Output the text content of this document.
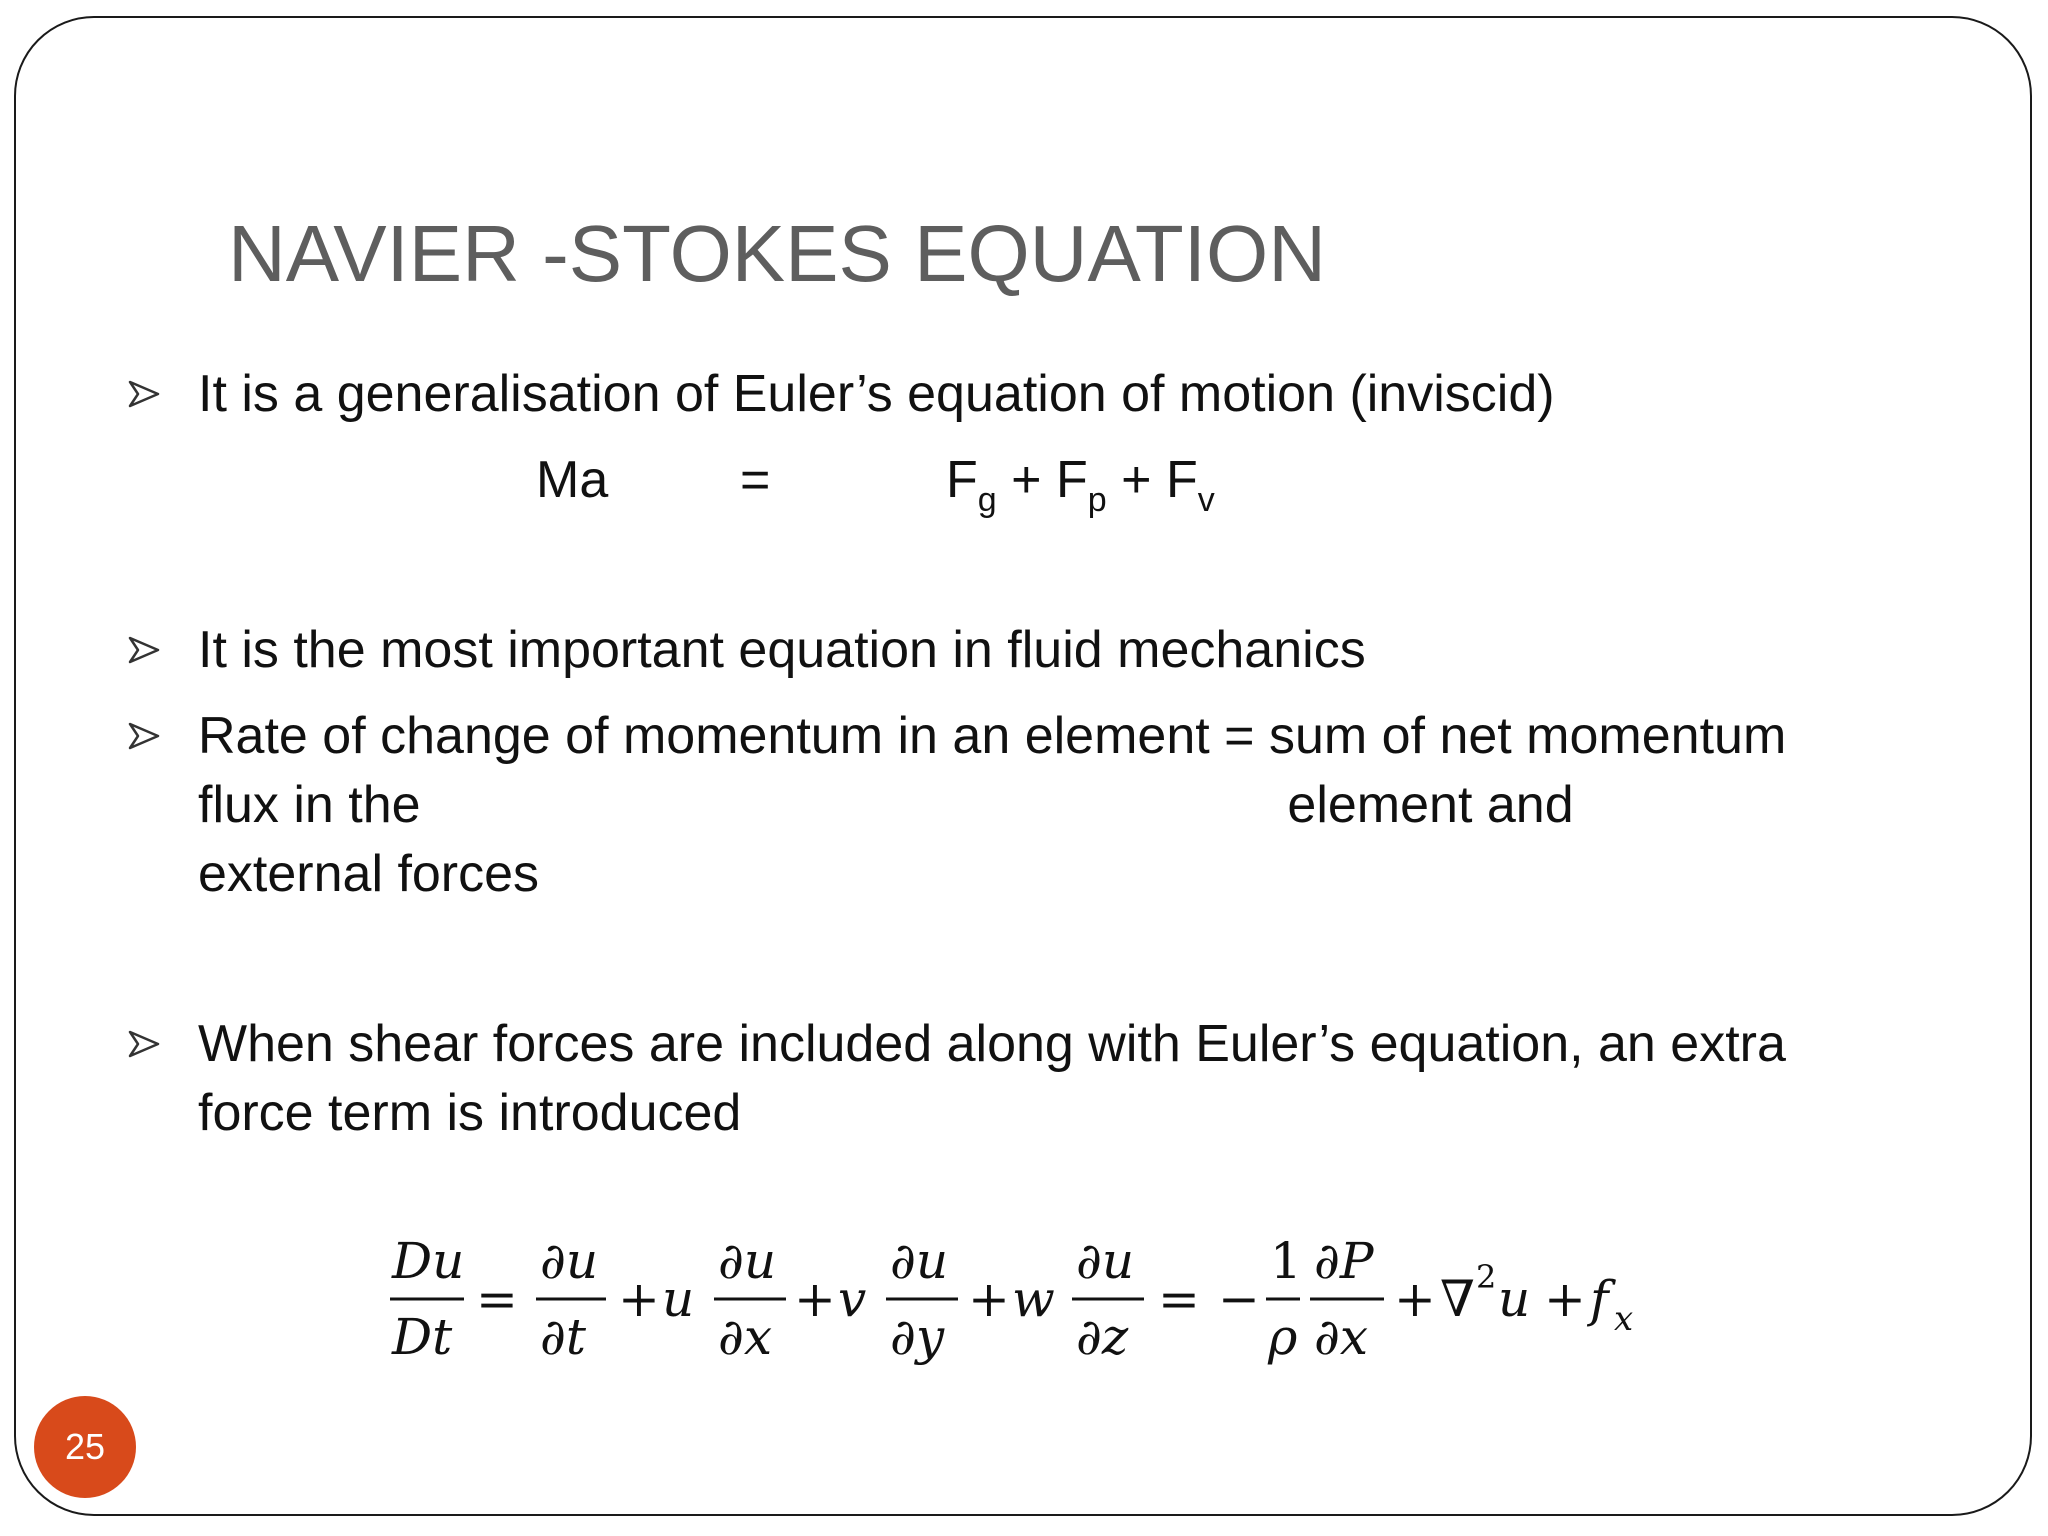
NAVIER -STOKES EQUATION
It is a generalisation of Euler’s equation of motion (inviscid)
Ma	=	$F_g + F_p + F_v$
It is the most important equation in fluid mechanics
Rate of change of momentum in an element = sum of net momentum
flux in the                                                            element and
external forces
When shear forces are included along with Euler’s equation, an extra
force term is introduced
Du
Dt
=
∂u
∂t
+ u
∂u
∂x
+ v
∂u
∂y
+ w
∂u
∂z
= −
1
ρ
∂P
∂x
+ ∇ 2 u + f x
25
